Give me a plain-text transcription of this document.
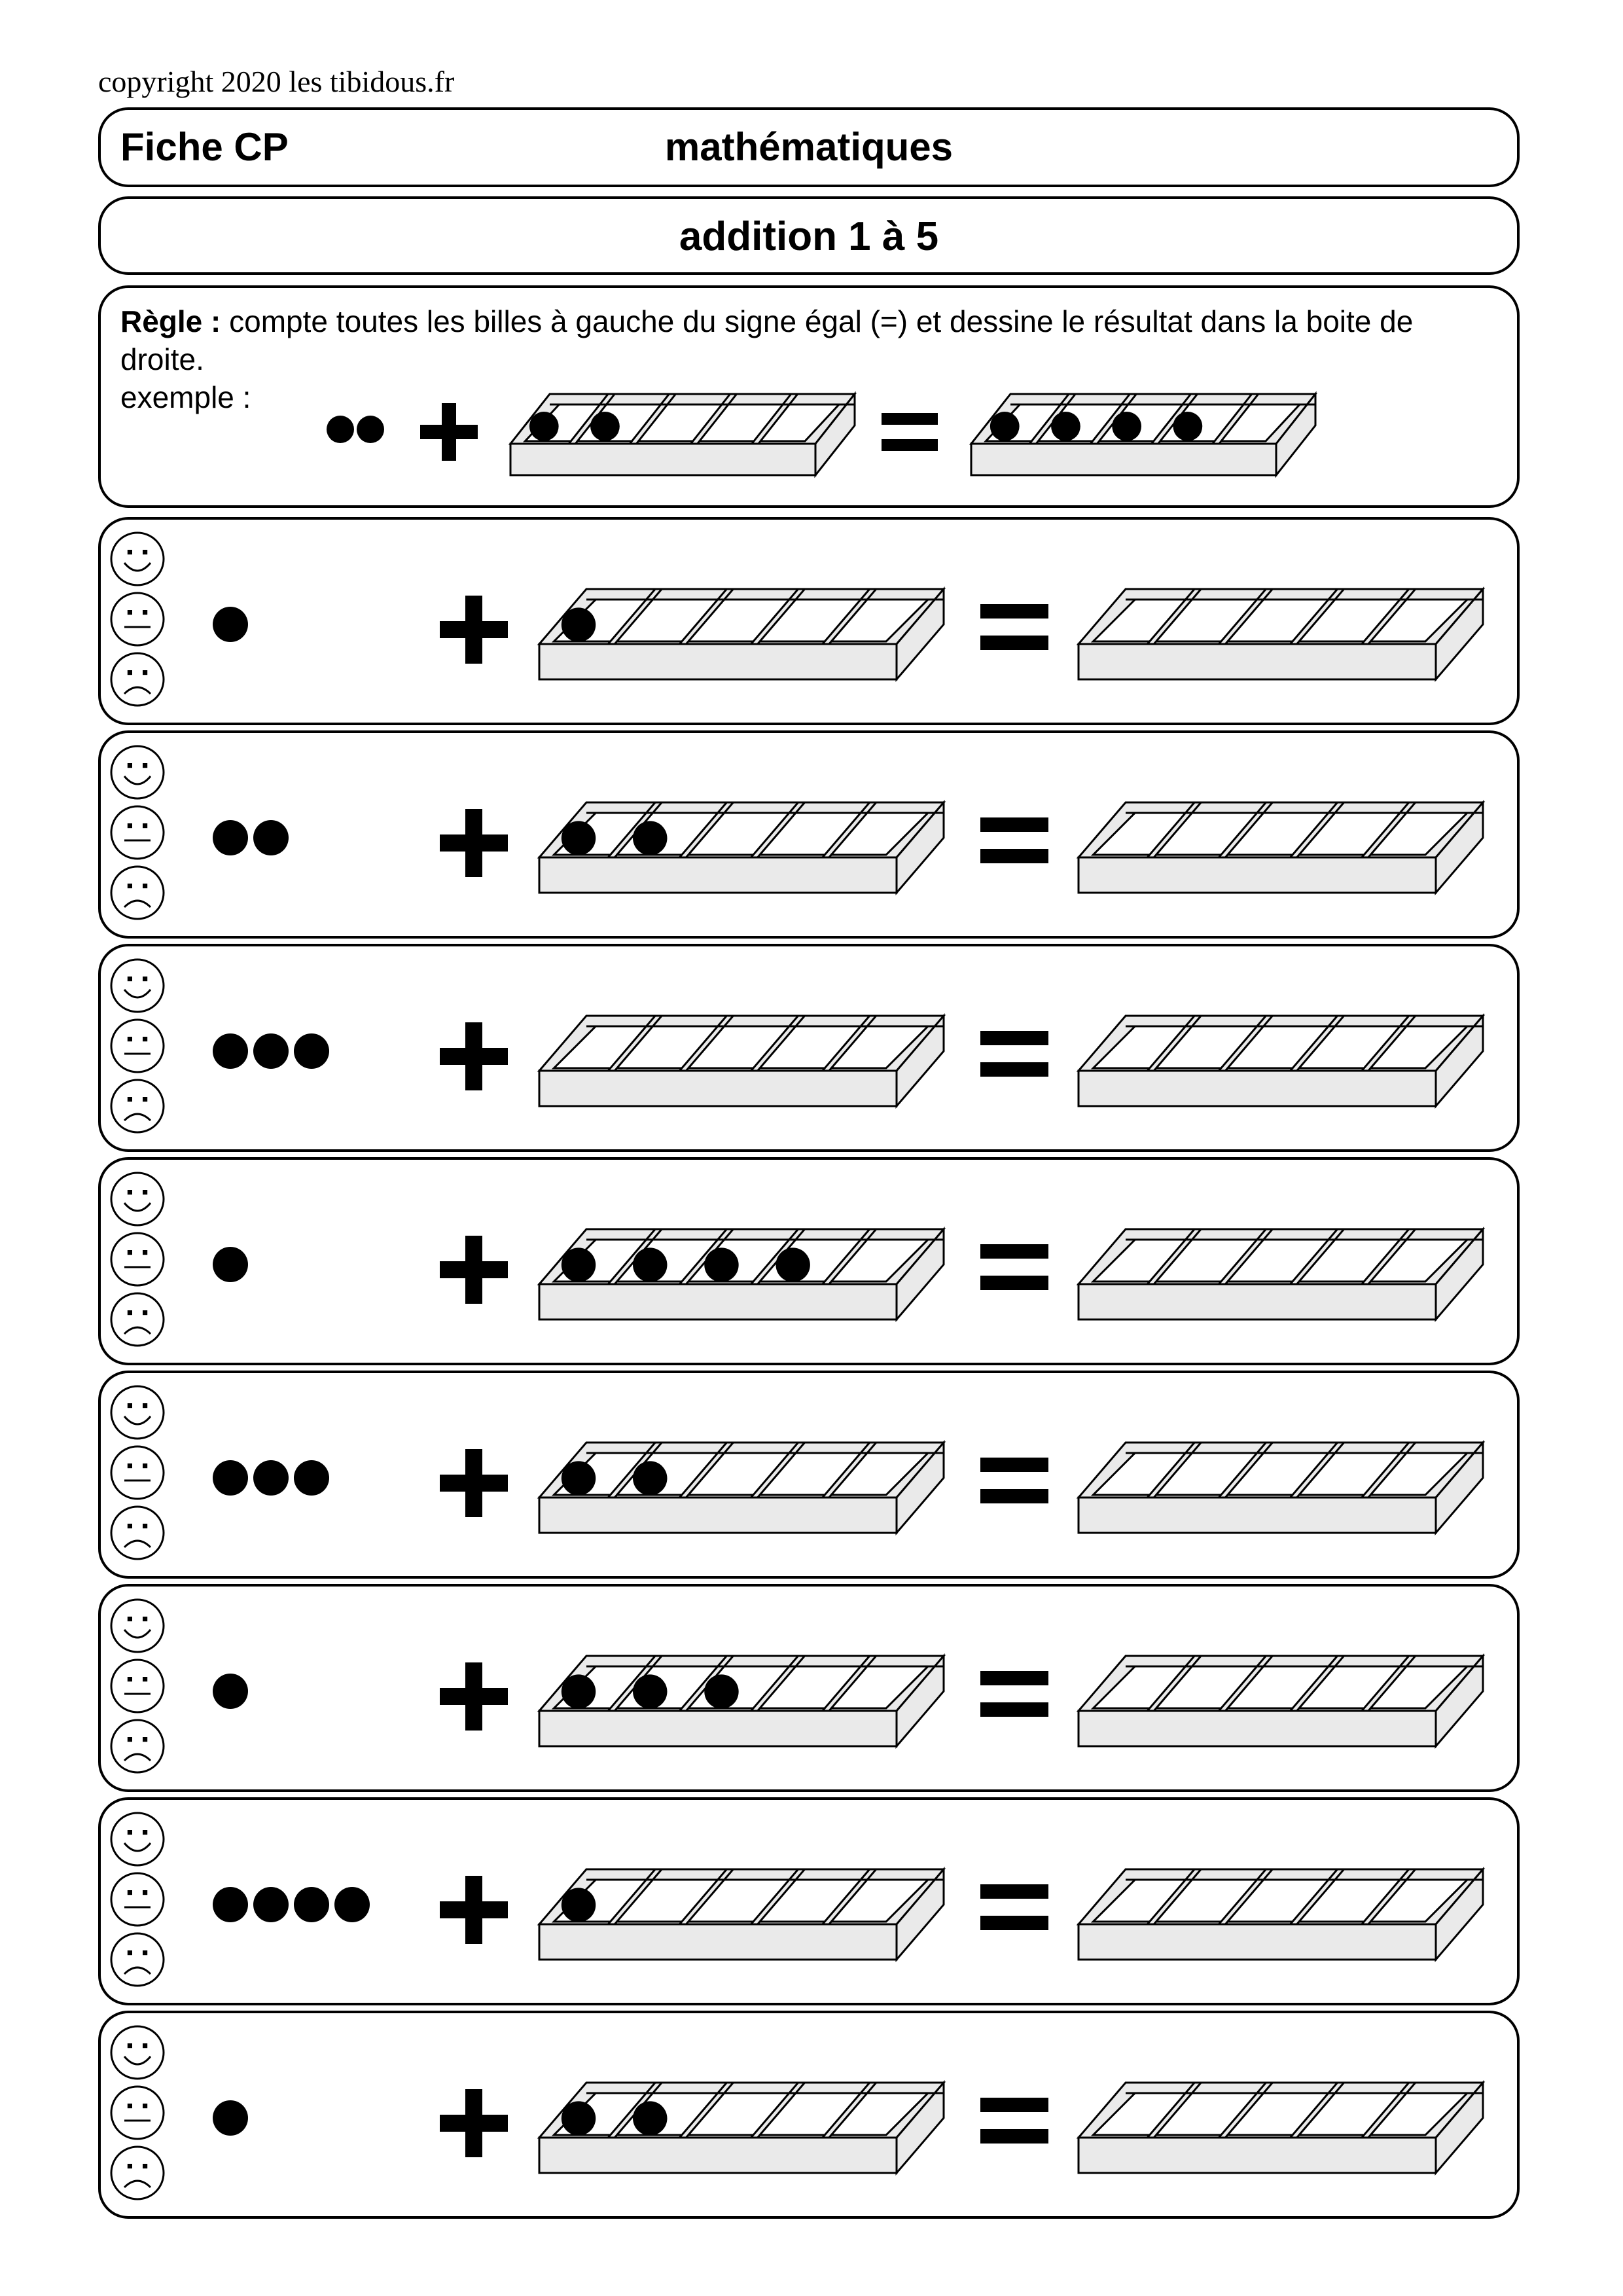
copyright 2020 les tibidous.fr
mathématiques
Fiche CP
addition 1 à 5
Règle : compte toutes les billes à gauche du signe égal (=) et dessine le résultat dans la boite de droite.
exemple :
